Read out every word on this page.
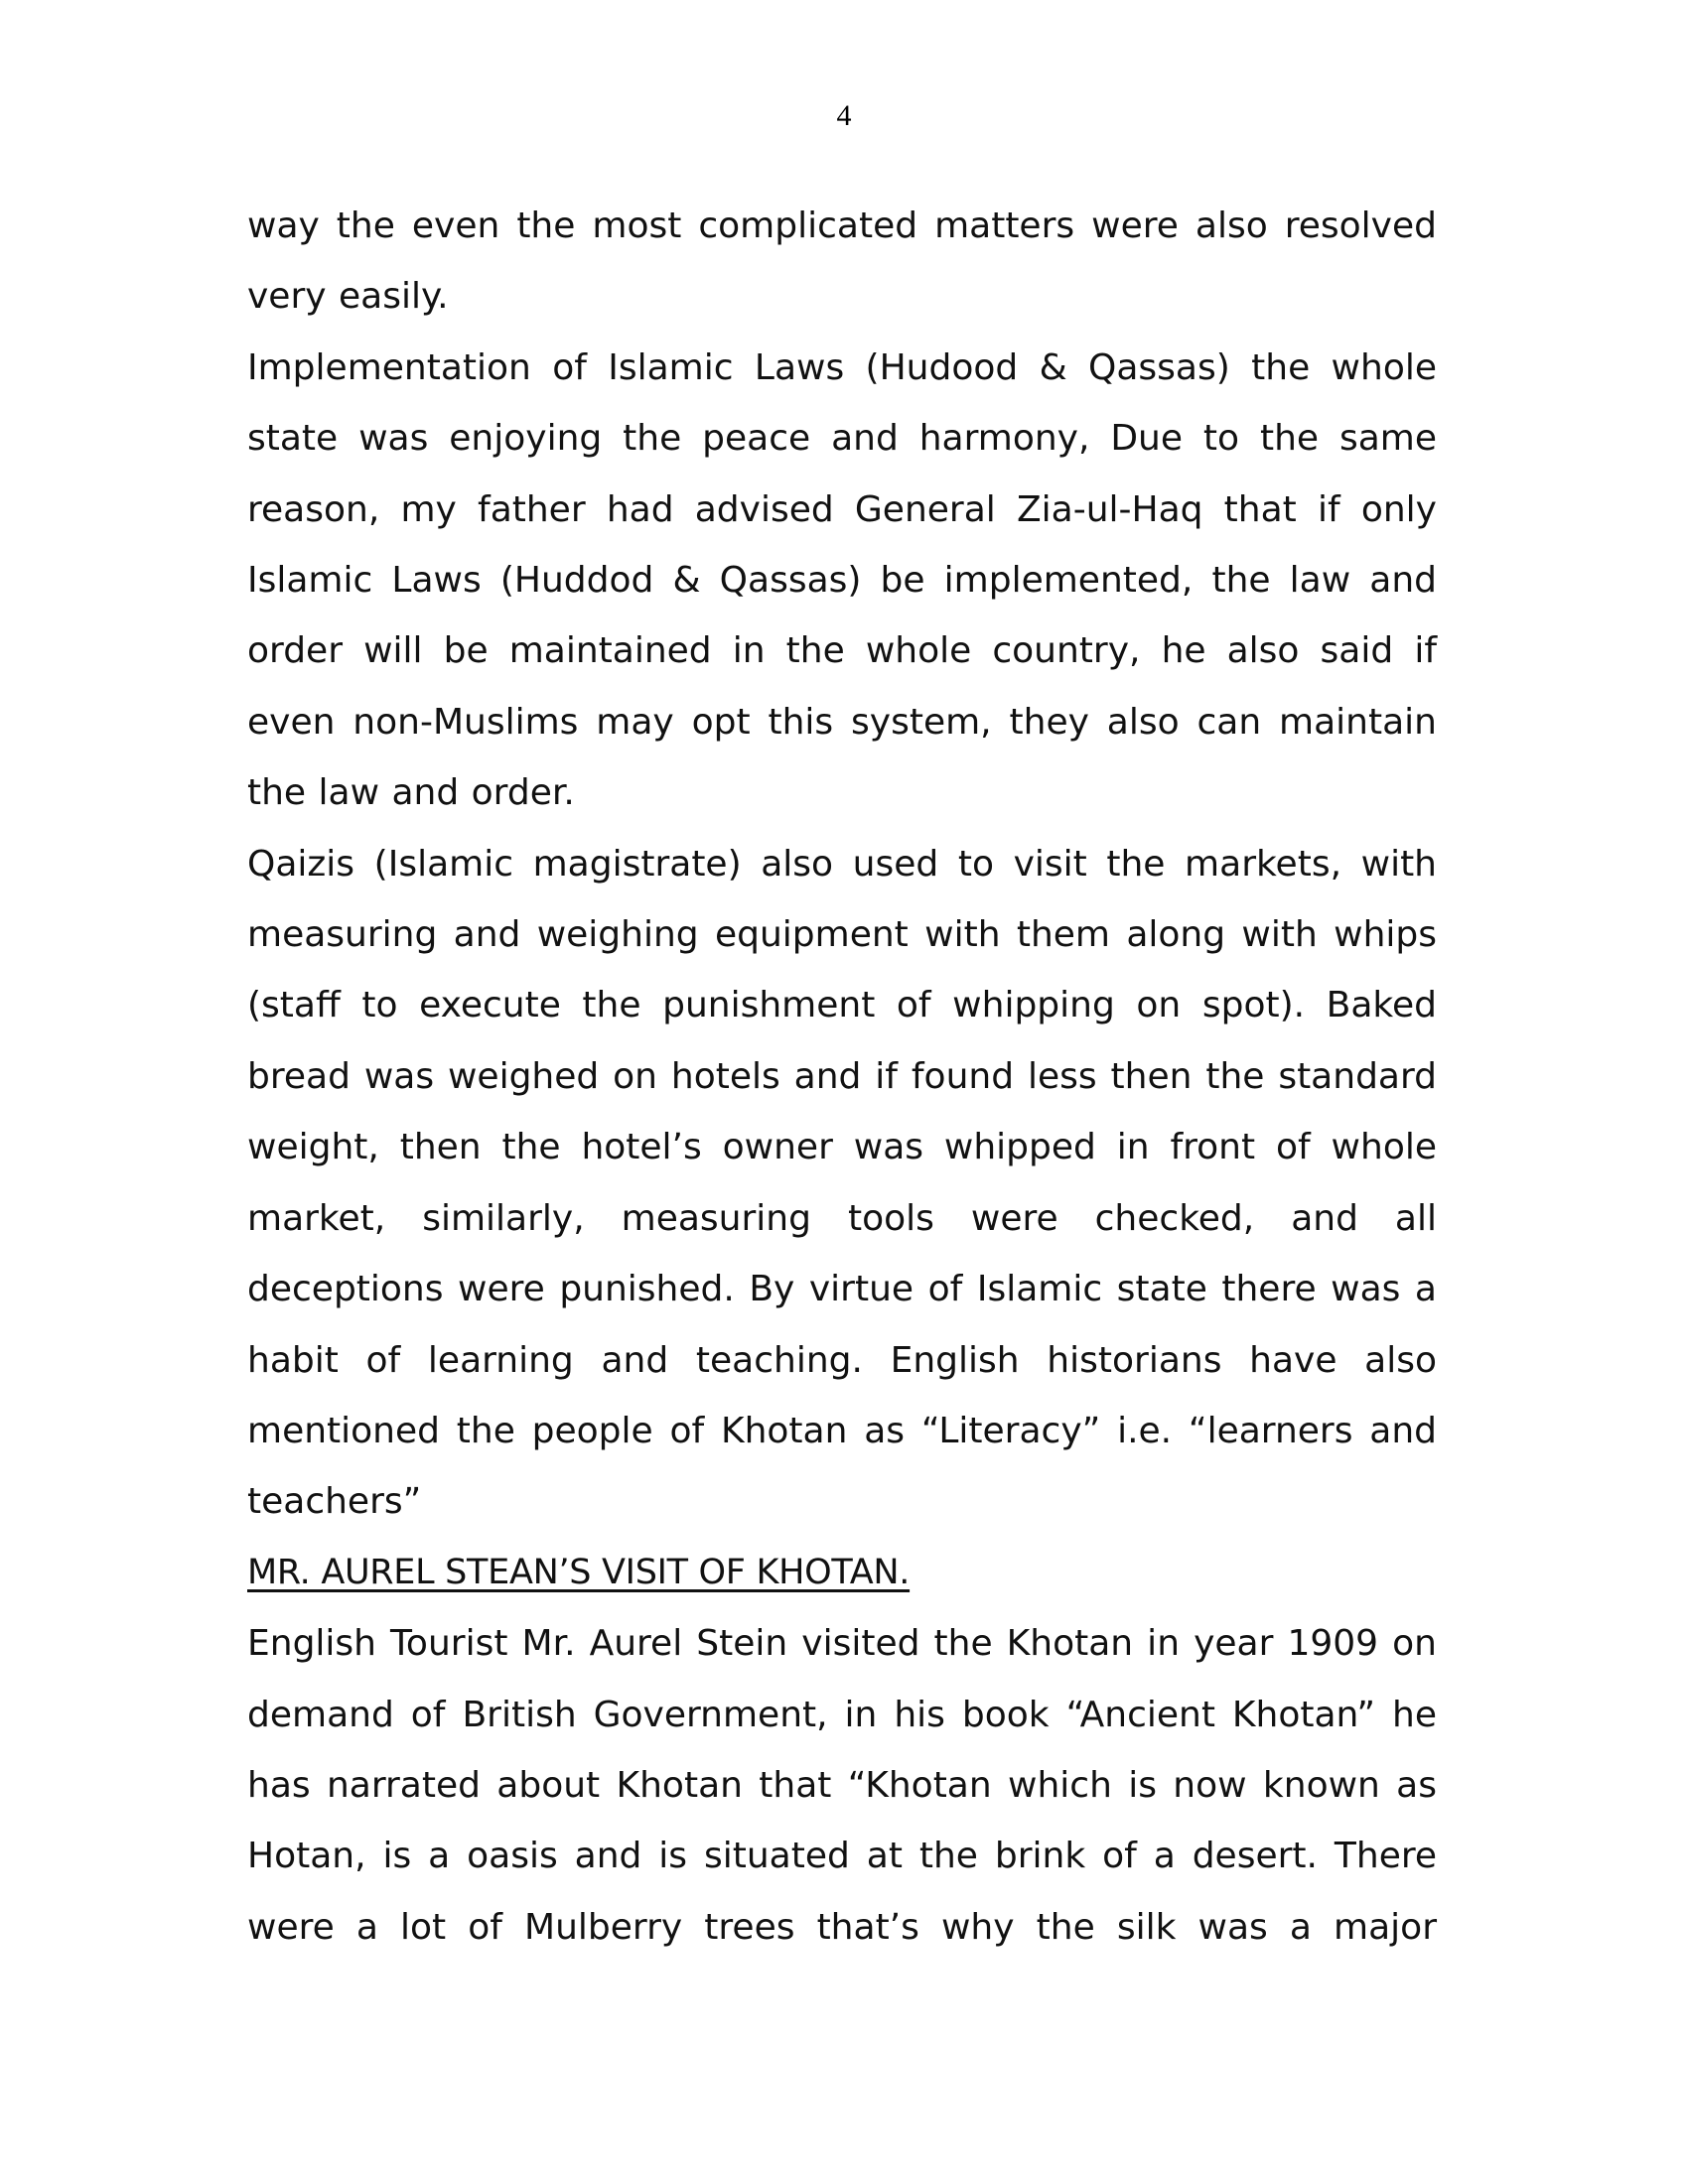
4

way the even the most complicated matters were also resolved very easily.

Implementation of Islamic Laws (Hudood & Qassas) the whole state was enjoying the peace and harmony, Due to the same reason, my father had advised General Zia-ul-Haq that if only Islamic Laws (Huddod & Qassas) be implemented, the law and order will be maintained in the whole country, he also said if even non-Muslims may opt this system, they also can maintain the law and order.

Qaizis (Islamic magistrate) also used to visit the markets, with measuring and weighing equipment with them along with whips (staff to execute the punishment of whipping on spot). Baked bread was weighed on hotels and if found less then the standard weight, then the hotel’s owner was whipped in front of whole market, similarly, measuring tools were checked, and all deceptions were punished. By virtue of Islamic state there was a habit of learning and teaching. English historians have also mentioned the people of Khotan as “Literacy” i.e. “learners and teachers”

MR. AUREL STEAN’S VISIT OF KHOTAN.

English Tourist Mr. Aurel Stein visited the Khotan in year 1909 on demand of British Government, in his book “Ancient Khotan” he has narrated about Khotan that “Khotan which is now known as Hotan, is a oasis and is situated at the brink of a desert. There were a lot of Mulberry trees that’s why the silk was a major
